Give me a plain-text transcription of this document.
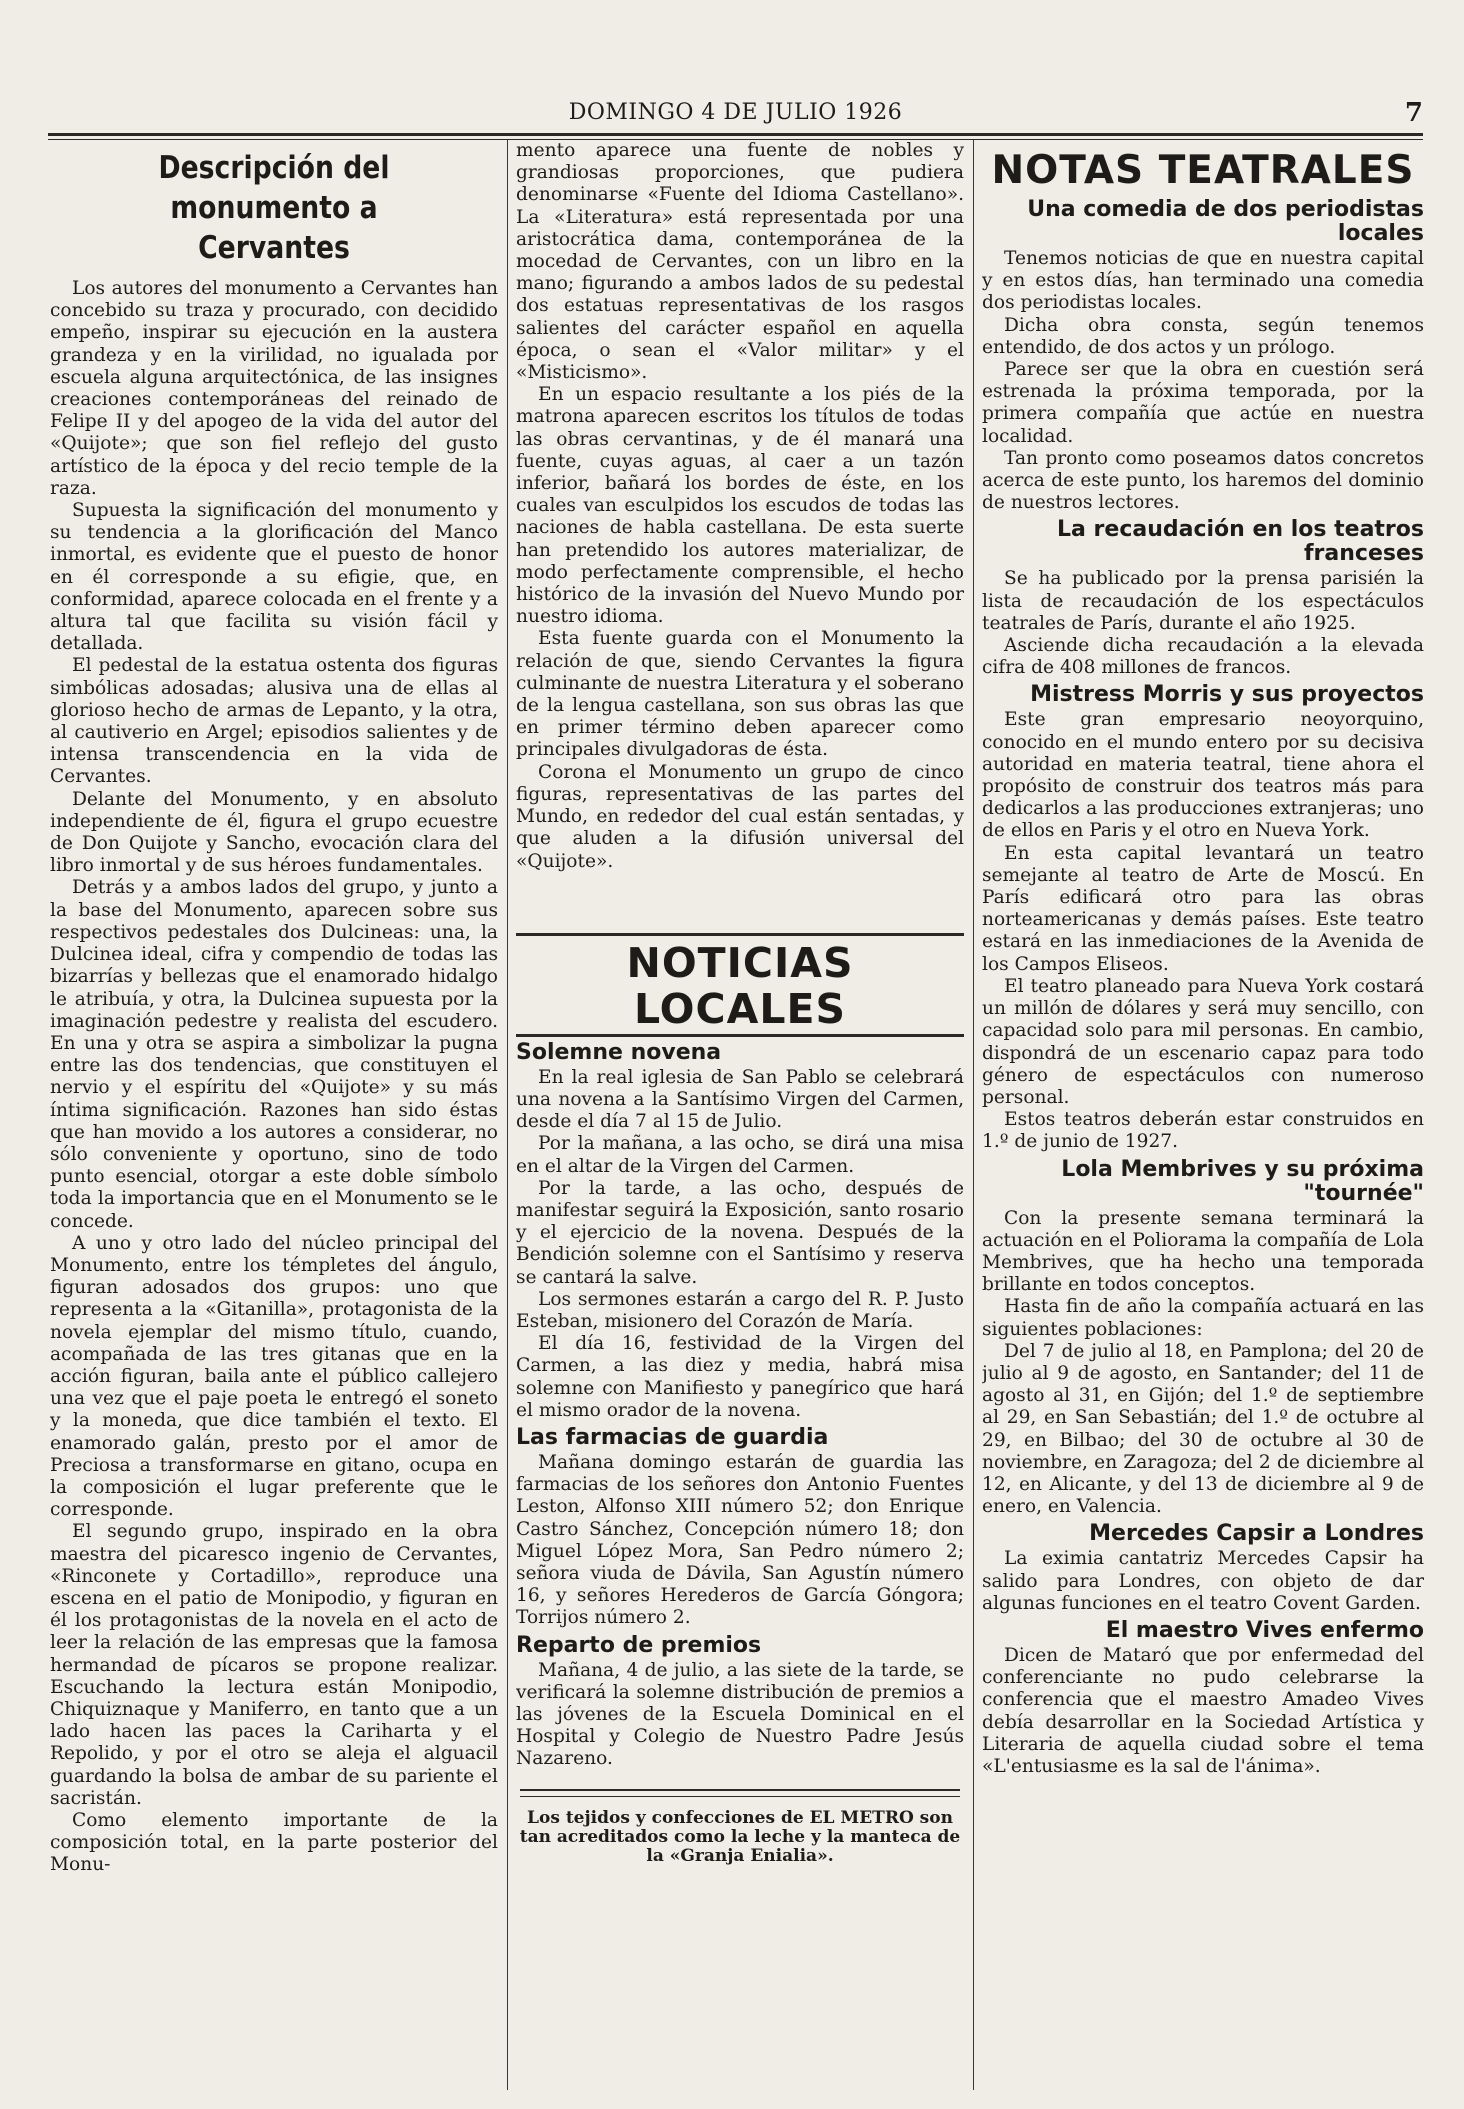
DOMINGO 4 DE JULIO 1926	7
Descripción del monumento a
Cervantes

Los autores del monumento a Cervantes han concebido su traza y procurado, con decidido empeño, inspirar su ejecución en la austera grandeza y en la virilidad, no igualada por escuela alguna arquitectónica, de las insignes creaciones contemporáneas del reinado de Felipe II y del apogeo de la vida del autor del «Quijote»; que son fiel reflejo del gusto artístico de la época y del recio temple de la raza.

Supuesta la significación del monumento y su tendencia a la glorificación del Manco inmortal, es evidente que el puesto de honor en él corresponde a su efigie, que, en conformidad, aparece colocada en el frente y a altura tal que facilita su visión fácil y detallada.

El pedestal de la estatua ostenta dos figuras simbólicas adosadas; alusiva una de ellas al glorioso hecho de armas de Lepanto, y la otra, al cautiverio en Argel; episodios salientes y de intensa transcendencia en la vida de Cervantes.

Delante del Monumento, y en absoluto independiente de él, figura el grupo ecuestre de Don Quijote y Sancho, evocación clara del libro inmortal y de sus héroes fundamentales.

Detrás y a ambos lados del grupo, y junto a la base del Monumento, aparecen sobre sus respectivos pedestales dos Dulcineas: una, la Dulcinea ideal, cifra y compendio de todas las bizarrías y bellezas que el enamorado hidalgo le atribuía, y otra, la Dulcinea supuesta por la imaginación pedestre y realista del escudero. En una y otra se aspira a simbolizar la pugna entre las dos tendencias, que constituyen el nervio y el espíritu del «Quijote» y su más íntima significación. Razones han sido éstas que han movido a los autores a considerar, no sólo conveniente y oportuno, sino de todo punto esencial, otorgar a este doble símbolo toda la importancia que en el Monumento se le concede.

A uno y otro lado del núcleo principal del Monumento, entre los témpletes del ángulo, figuran adosados dos grupos: uno que representa a la «Gitanilla», protagonista de la novela ejemplar del mismo título, cuando, acompañada de las tres gitanas que en la acción figuran, baila ante el público callejero una vez que el paje poeta le entregó el soneto y la moneda, que dice también el texto. El enamorado galán, presto por el amor de Preciosa a transformarse en gitano, ocupa en la composición el lugar preferente que le corresponde.

El segundo grupo, inspirado en la obra maestra del picaresco ingenio de Cervantes, «Rinconete y Cortadillo», reproduce una escena en el patio de Monipodio, y figuran en él los protagonistas de la novela en el acto de leer la relación de las empresas que la famosa hermandad de pícaros se propone realizar. Escuchando la lectura están Monipodio, Chiquiznaque y Maniferro, en tanto que a un lado hacen las paces la Cariharta y el Repolido, y por el otro se aleja el alguacil guardando la bolsa de ambar de su pariente el sacristán.

Como elemento importante de la composición total, en la parte posterior del Monu-

mento aparece una fuente de nobles y grandiosas proporciones, que pudiera denominarse «Fuente del Idioma Castellano». La «Literatura» está representada por una aristocrática dama, contemporánea de la mocedad de Cervantes, con un libro en la mano; figurando a ambos lados de su pedestal dos estatuas representativas de los rasgos salientes del carácter español en aquella época, o sean el «Valor militar» y el «Misticismo».

En un espacio resultante a los piés de la matrona aparecen escritos los títulos de todas las obras cervantinas, y de él manará una fuente, cuyas aguas, al caer a un tazón inferior, bañará los bordes de éste, en los cuales van esculpidos los escudos de todas las naciones de habla castellana. De esta suerte han pretendido los autores materializar, de modo perfectamente comprensible, el hecho histórico de la invasión del Nuevo Mundo por nuestro idioma.

Esta fuente guarda con el Monumento la relación de que, siendo Cervantes la figura culminante de nuestra Literatura y el soberano de la lengua castellana, son sus obras las que en primer término deben aparecer como principales divulgadoras de ésta.

Corona el Monumento un grupo de cinco figuras, representativas de las partes del Mundo, en rededor del cual están sentadas, y que aluden a la difusión universal del «Quijote».

NOTICIAS LOCALES
Solemne novena

En la real iglesia de San Pablo se celebrará una novena a la Santísimo Virgen del Carmen, desde el día 7 al 15 de Julio.

Por la mañana, a las ocho, se dirá una misa en el altar de la Virgen del Carmen.

Por la tarde, a las ocho, después de manifestar seguirá la Exposición, santo rosario y el ejercicio de la novena. Después de la Bendición solemne con el Santísimo y reserva se cantará la salve.

Los sermones estarán a cargo del R. P. Justo Esteban, misionero del Corazón de María.

El día 16, festividad de la Virgen del Carmen, a las diez y media, habrá misa solemne con Manifiesto y panegírico que hará el mismo orador de la novena.

Las farmacias de guardia

Mañana domingo estarán de guardia las farmacias de los señores don Antonio Fuentes Leston, Alfonso XIII número 52; don Enrique Castro Sánchez, Concepción número 18; don Miguel López Mora, San Pedro número 2; señora viuda de Dávila, San Agustín número 16, y señores Herederos de García Góngora; Torrijos número 2.

Reparto de premios

Mañana, 4 de julio, a las siete de la tarde, se verificará la solemne distribución de premios a las jóvenes de la Escuela Dominical en el Hospital y Colegio de Nuestro Padre Jesús Nazareno.

Los tejidos y confecciones de EL METRO son tan acreditados como la leche y la manteca de la «Granja Enialia».

NOTAS TEATRALES
Una comedia de dos periodistas locales

Tenemos noticias de que en nuestra capital y en estos días, han terminado una comedia dos periodistas locales.

Dicha obra consta, según tenemos entendido, de dos actos y un prólogo.

Parece ser que la obra en cuestión será estrenada la próxima temporada, por la primera compañía que actúe en nuestra localidad.

Tan pronto como poseamos datos concretos acerca de este punto, los haremos del dominio de nuestros lectores.

La recaudación en los teatros franceses

Se ha publicado por la prensa parisién la lista de recaudación de los espectáculos teatrales de París, durante el año 1925.

Asciende dicha recaudación a la elevada cifra de 408 millones de francos.

Mistress Morris y sus proyectos

Este gran empresario neoyorquino, conocido en el mundo entero por su decisiva autoridad en materia teatral, tiene ahora el propósito de construir dos teatros más para dedicarlos a las producciones extranjeras; uno de ellos en Paris y el otro en Nueva York.

En esta capital levantará un teatro semejante al teatro de Arte de Moscú. En París edificará otro para las obras norteamericanas y demás países. Este teatro estará en las inmediaciones de la Avenida de los Campos Eliseos.

El teatro planeado para Nueva York costará un millón de dólares y será muy sencillo, con capacidad solo para mil personas. En cambio, dispondrá de un escenario capaz para todo género de espectáculos con numeroso personal.

Estos teatros deberán estar construidos en 1.º de junio de 1927.

Lola Membrives y su próxima "tournée"

Con la presente semana terminará la actuación en el Poliorama la compañía de Lola Membrives, que ha hecho una temporada brillante en todos conceptos.

Hasta fin de año la compañía actuará en las siguientes poblaciones:

Del 7 de julio al 18, en Pamplona; del 20 de julio al 9 de agosto, en Santander; del 11 de agosto al 31, en Gijón; del 1.º de septiembre al 29, en San Sebastián; del 1.º de octubre al 29, en Bilbao; del 30 de octubre al 30 de noviembre, en Zaragoza; del 2 de diciembre al 12, en Alicante, y del 13 de diciembre al 9 de enero, en Valencia.

Mercedes Capsir a Londres

La eximia cantatriz Mercedes Capsir ha salido para Londres, con objeto de dar algunas funciones en el teatro Covent Garden.

El maestro Vives enfermo

Dicen de Mataró que por enfermedad del conferenciante no pudo celebrarse la conferencia que el maestro Amadeo Vives debía desarrollar en la Sociedad Artística y Literaria de aquella ciudad sobre el tema «L'entusiasme es la sal de l'ánima».
